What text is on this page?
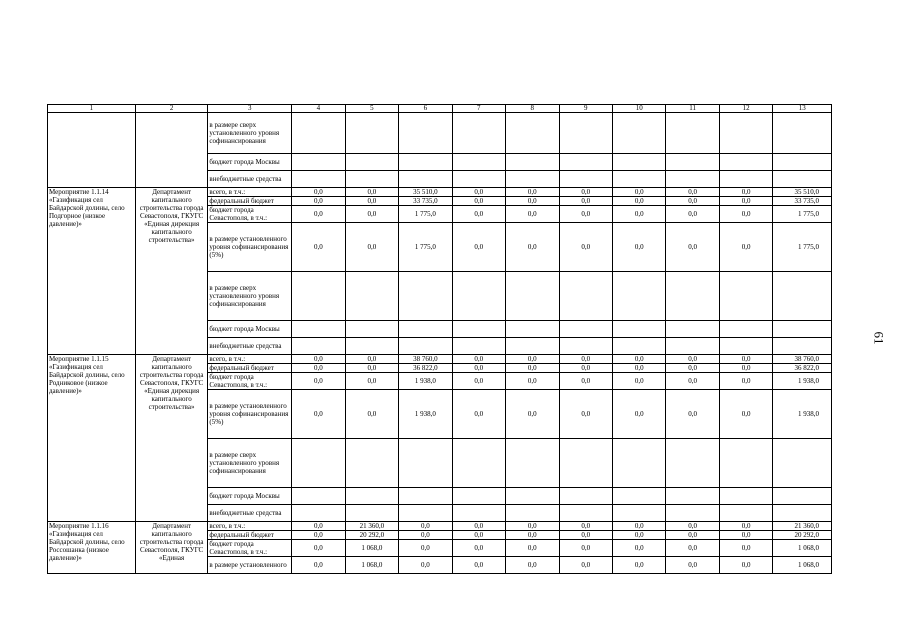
1	2	3	4	5	6	7	8	9	10	11	12	13
		в размере сверх установленного уровня софинансирования										
		бюджет города Москвы										
		внебюджетные средства										
Мероприятие 1.1.14 «Газификация сел Байдарской долины, село Подгорное (низкое давление)»	Департамент капитального строительства города Севастополя, ГКУГС «Единая дирекция капитального строительства»	всего, в т.ч.:	0,0	0,0	35 510,0	0,0	0,0	0,0	0,0	0,0	0,0	35 510,0
		федеральный бюджет	0,0	0,0	33 735,0	0,0	0,0	0,0	0,0	0,0	0,0	33 735,0
		бюджет города Севастополя, в т.ч.:	0,0	0,0	1 775,0	0,0	0,0	0,0	0,0	0,0	0,0	1 775,0
		в размере установленного уровня софинансирования (5%)	0,0	0,0	1 775,0	0,0	0,0	0,0	0,0	0,0	0,0	1 775,0
		в размере сверх установленного уровня софинансирования										
		бюджет города Москвы										
		внебюджетные средства										
Мероприятие 1.1.15 «Газификация сел Байдарской долины, село Родниковое (низкое давление)»	Департамент капитального строительства города Севастополя, ГКУГС «Единая дирекция капитального строительства»	всего, в т.ч.:	0,0	0,0	38 760,0	0,0	0,0	0,0	0,0	0,0	0,0	38 760,0
		федеральный бюджет	0,0	0,0	36 822,0	0,0	0,0	0,0	0,0	0,0	0,0	36 822,0
		бюджет города Севастополя, в т.ч.:	0,0	0,0	1 938,0	0,0	0,0	0,0	0,0	0,0	0,0	1 938,0
		в размере установленного уровня софинансирования (5%)	0,0	0,0	1 938,0	0,0	0,0	0,0	0,0	0,0	0,0	1 938,0
		в размере сверх установленного уровня софинансирования										
		бюджет города Москвы										
		внебюджетные средства										
Мероприятие 1.1.16 «Газификация сел Байдарской долины, село Россошанка (низкое давление)»	Департамент капитального строительства города Севастополя, ГКУГС «Единая	всего, в т.ч.:	0,0	21 360,0	0,0	0,0	0,0	0,0	0,0	0,0	0,0	21 360,0
		федеральный бюджет	0,0	20 292,0	0,0	0,0	0,0	0,0	0,0	0,0	0,0	20 292,0
		бюджет города Севастополя, в т.ч.:	0,0	1 068,0	0,0	0,0	0,0	0,0	0,0	0,0	0,0	1 068,0
		в размере установленного	0,0	1 068,0	0,0	0,0	0,0	0,0	0,0	0,0	0,0	1 068,0
61
